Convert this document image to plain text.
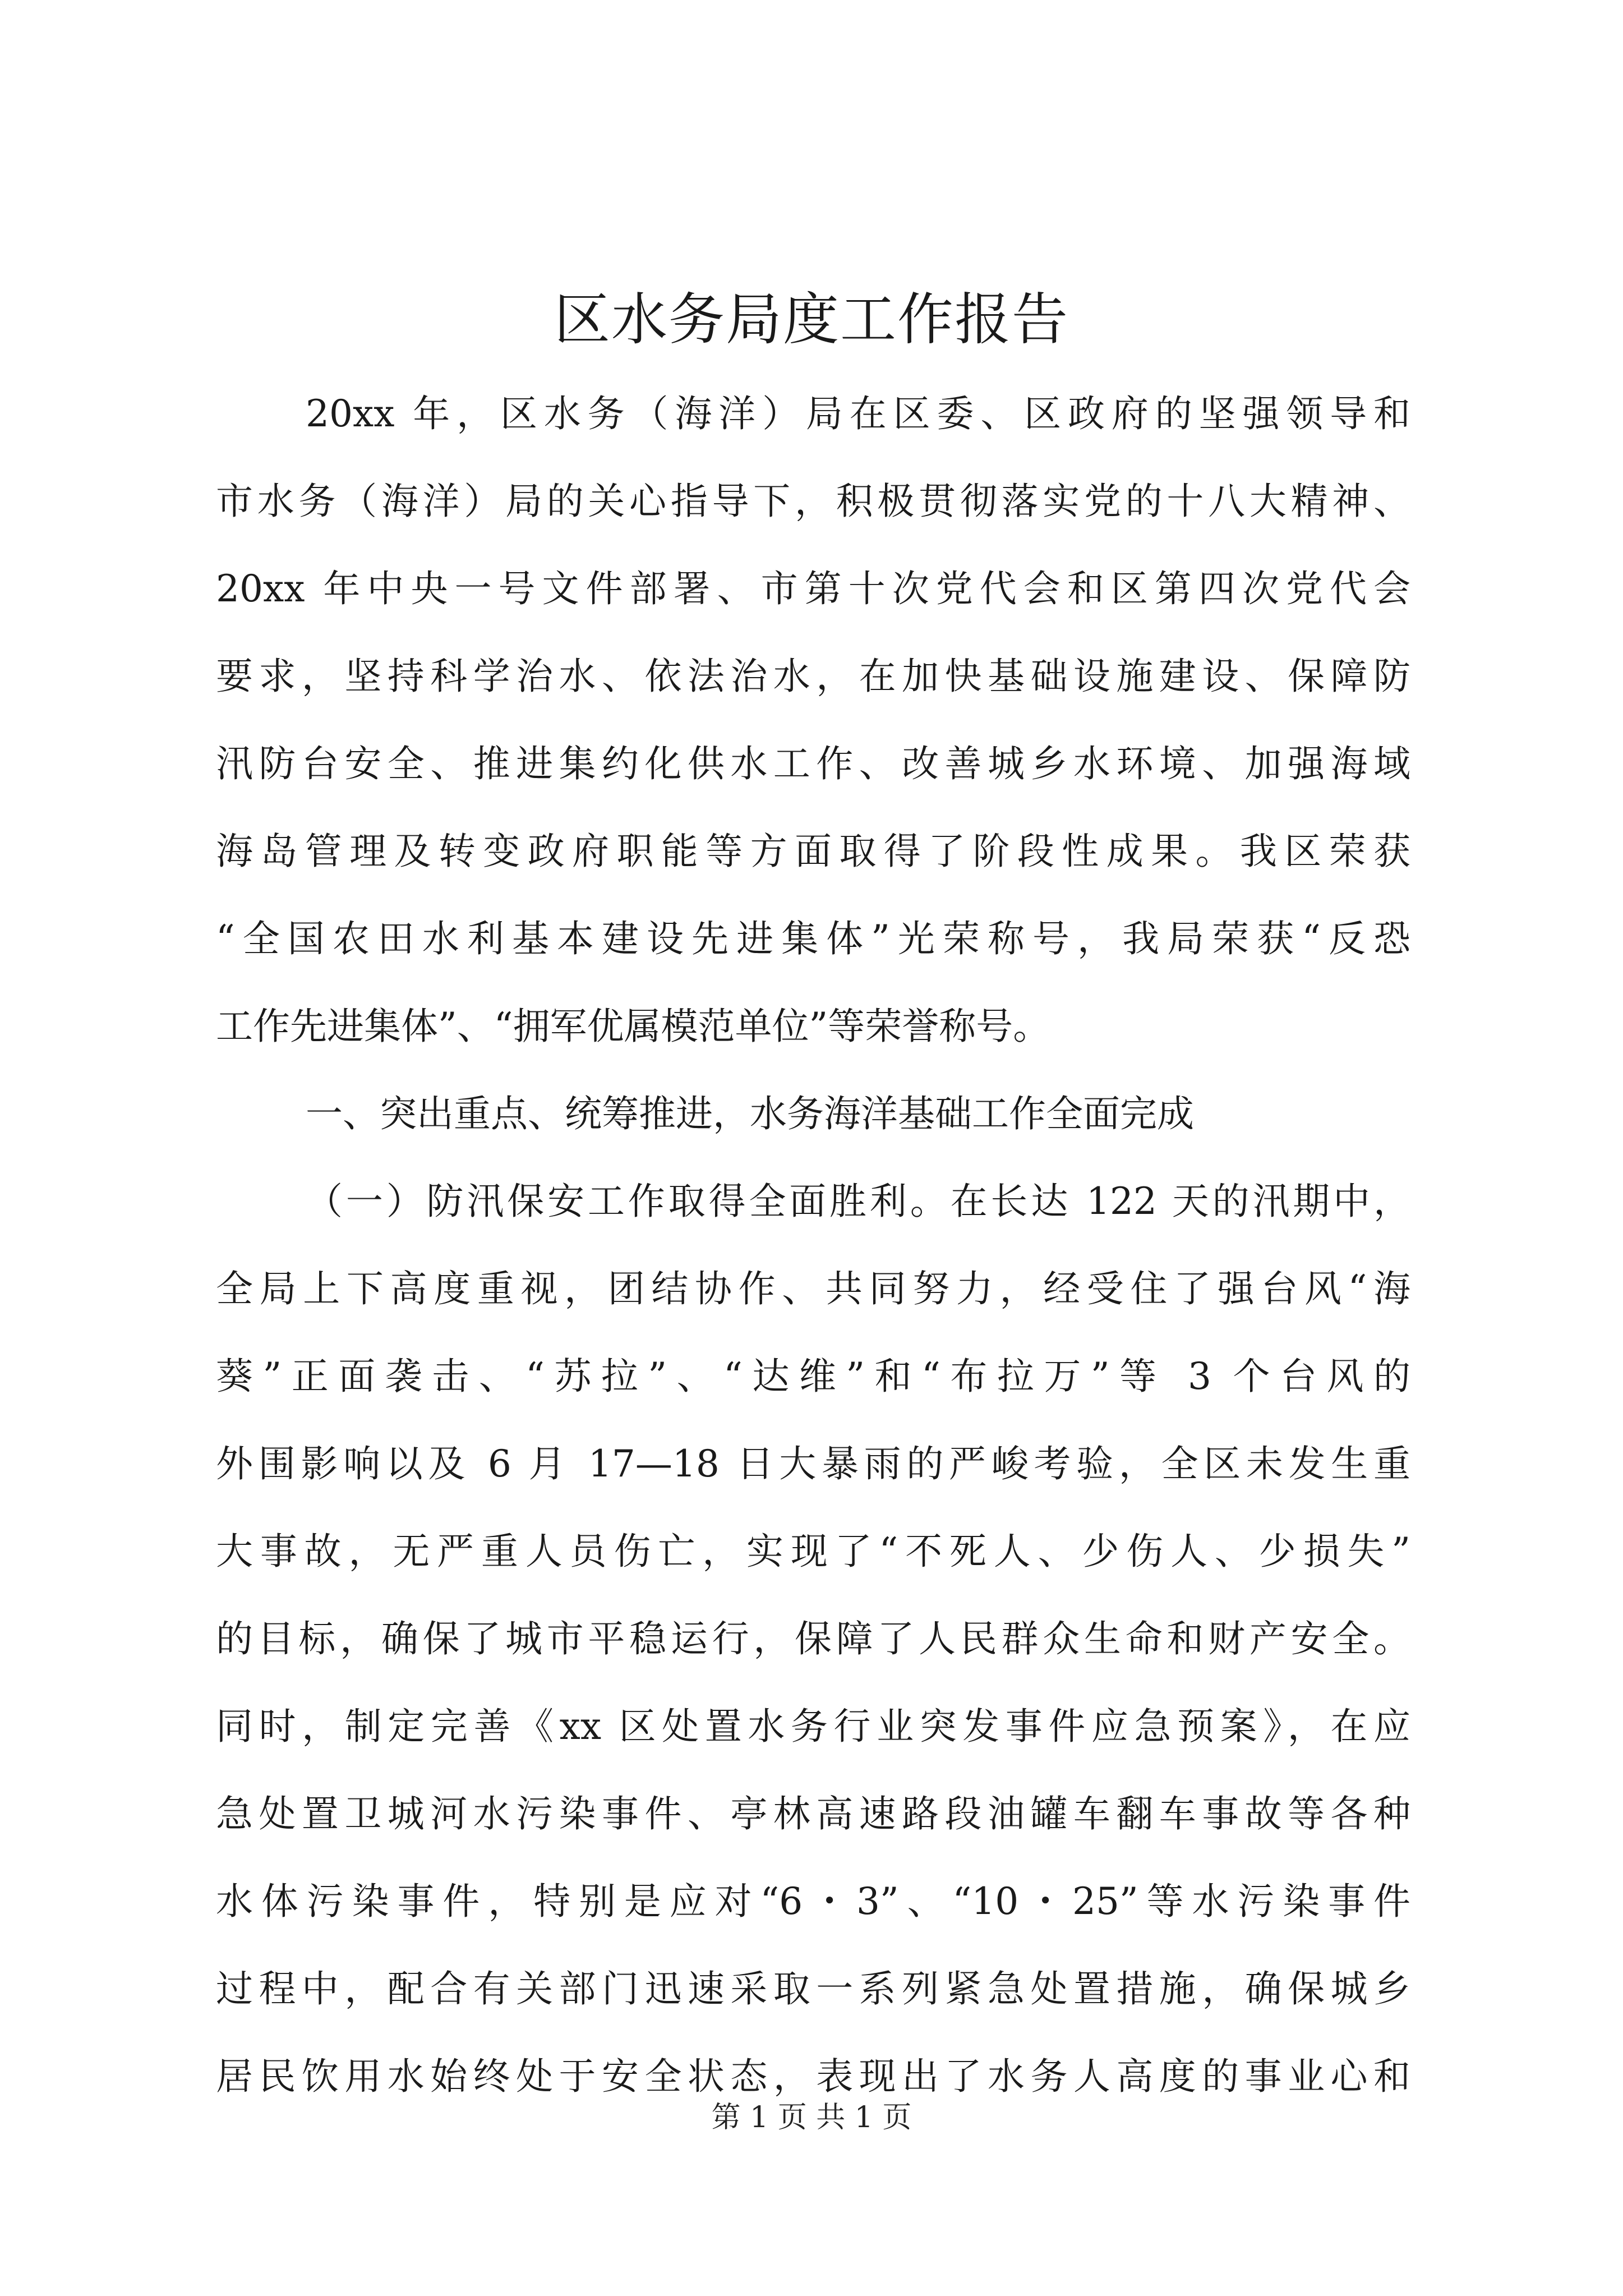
区水务局度工作报告
20xx 年，区水务（海洋）局在区委、区政府的坚强领导和
市水务（海洋）局的关心指导下，积极贯彻落实党的十八大精神、
20xx 年中央一号文件部署、市第十次党代会和区第四次党代会
要求，坚持科学治水、依法治水，在加快基础设施建设、保障防
汛防台安全、推进集约化供水工作、改善城乡水环境、加强海域
海岛管理及转变政府职能等方面取得了阶段性成果。我区荣获
“全国农田水利基本建设先进集体”光荣称号，我局荣获“反恐
工作先进集体”、“拥军优属模范单位”等荣誉称号。
一、突出重点、统筹推进，水务海洋基础工作全面完成
（一）防汛保安工作取得全面胜利。在长达 122 天的汛期中，
全局上下高度重视，团结协作、共同努力，经受住了强台风“海
葵”正面袭击、“苏拉”、“达维”和“布拉万”等 3 个台风的
外围影响以及 6 月 17—18 日大暴雨的严峻考验，全区未发生重
大事故，无严重人员伤亡，实现了“不死人、少伤人、少损失”
的目标，确保了城市平稳运行，保障了人民群众生命和财产安全。
同时，制定完善《xx 区处置水务行业突发事件应急预案》，在应
急处置卫城河水污染事件、亭林高速路段油罐车翻车事故等各种
水体污染事件，特别是应对“6・3”、“10・25”等水污染事件
过程中，配合有关部门迅速采取一系列紧急处置措施，确保城乡
居民饮用水始终处于安全状态，表现出了水务人高度的事业心和
第 1 页 共 1 页
